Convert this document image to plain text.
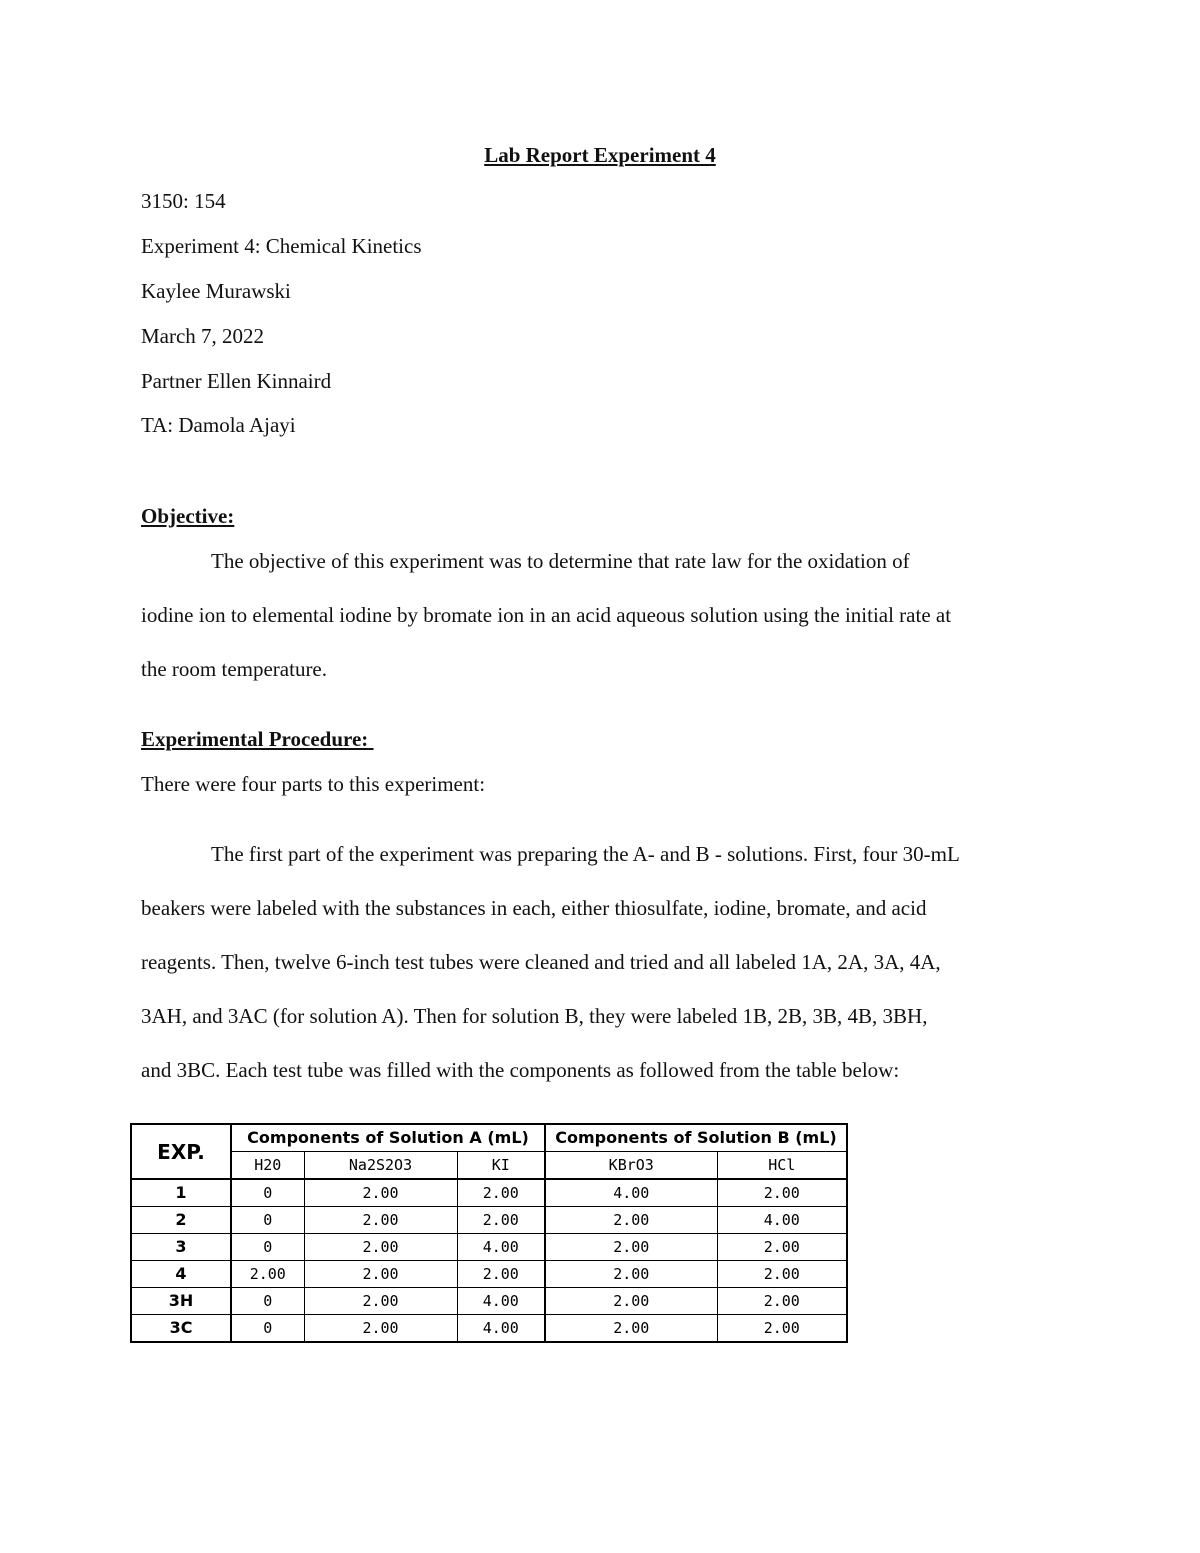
Lab Report Experiment 4
3150: 154
Experiment 4: Chemical Kinetics
Kaylee Murawski
March 7, 2022
Partner Ellen Kinnaird
TA: Damola Ajayi
Objective:
The objective of this experiment was to determine that rate law for the oxidation of
iodine ion to elemental iodine by bromate ion in an acid aqueous solution using the initial rate at
the room temperature.
Experimental Procedure:
There were four parts to this experiment:
The first part of the experiment was preparing the A- and B - solutions. First, four 30-mL
beakers were labeled with the substances in each, either thiosulfate, iodine, bromate, and acid
reagents. Then, twelve 6-inch test tubes were cleaned and tried and all labeled 1A, 2A, 3A, 4A,
3AH, and 3AC (for solution A). Then for solution B, they were labeled 1B, 2B, 3B, 4B, 3BH,
and 3BC. Each test tube was filled with the components as followed from the table below:
EXP.	Components of Solution A (mL)			Components of Solution B (mL)	
	H20	Na2S2O3	KI	KBrO3	HCl
1	0	2.00	2.00	4.00	2.00
2	0	2.00	2.00	2.00	4.00
3	0	2.00	4.00	2.00	2.00
4	2.00	2.00	2.00	2.00	2.00
3H	0	2.00	4.00	2.00	2.00
3C	0	2.00	4.00	2.00	2.00
